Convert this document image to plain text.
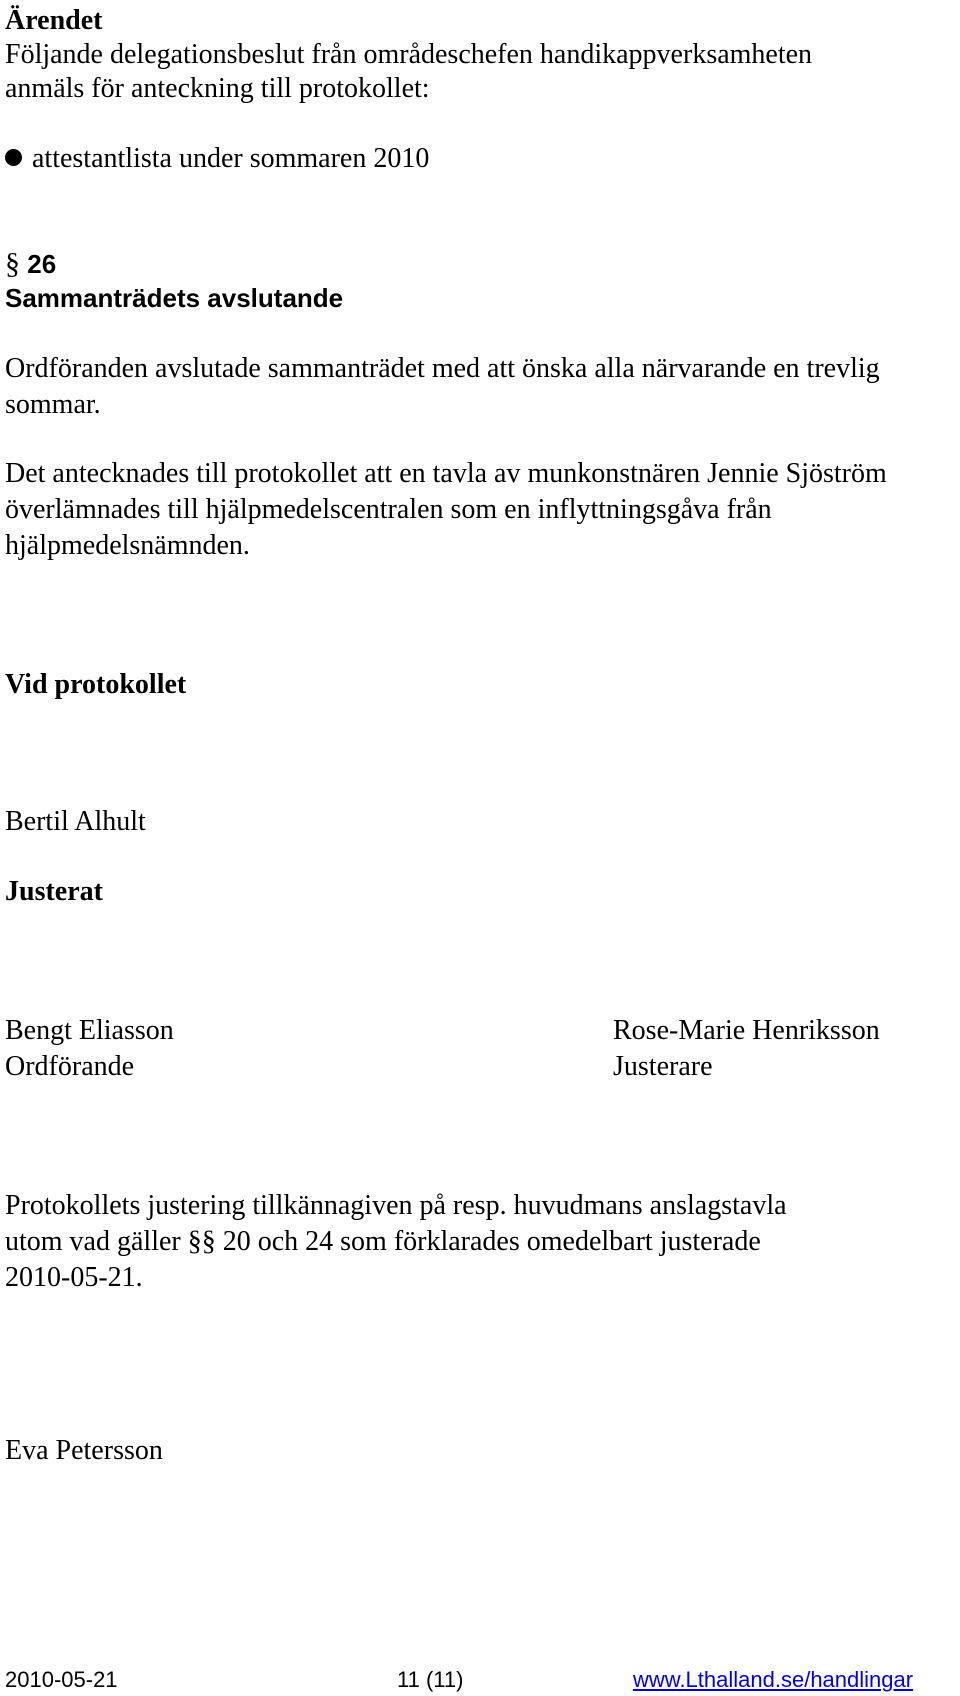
Ärendet
Följande delegationsbeslut från områdeschefen handikappverksamheten
anmäls för anteckning till protokollet:
attestantlista under sommaren 2010
§ 26
Sammanträdets avslutande
Ordföranden avslutade sammanträdet med att önska alla närvarande en trevlig
sommar.
Det antecknades till protokollet att en tavla av munkonstnären Jennie Sjöström
överlämnades till hjälpmedelscentralen som en inflyttningsgåva från
hjälpmedelsnämnden.
Vid protokollet
Bertil Alhult
Justerat
Bengt Eliasson
Ordförande
Rose-Marie Henriksson
Justerare
Protokollets justering tillkännagiven på resp. huvudmans anslagstavla
utom vad gäller §§ 20 och 24 som förklarades omedelbart justerade
2010-05-21.
Eva Petersson
2010-05-21	11 (11)	www.Lthalland.se/handlingar
